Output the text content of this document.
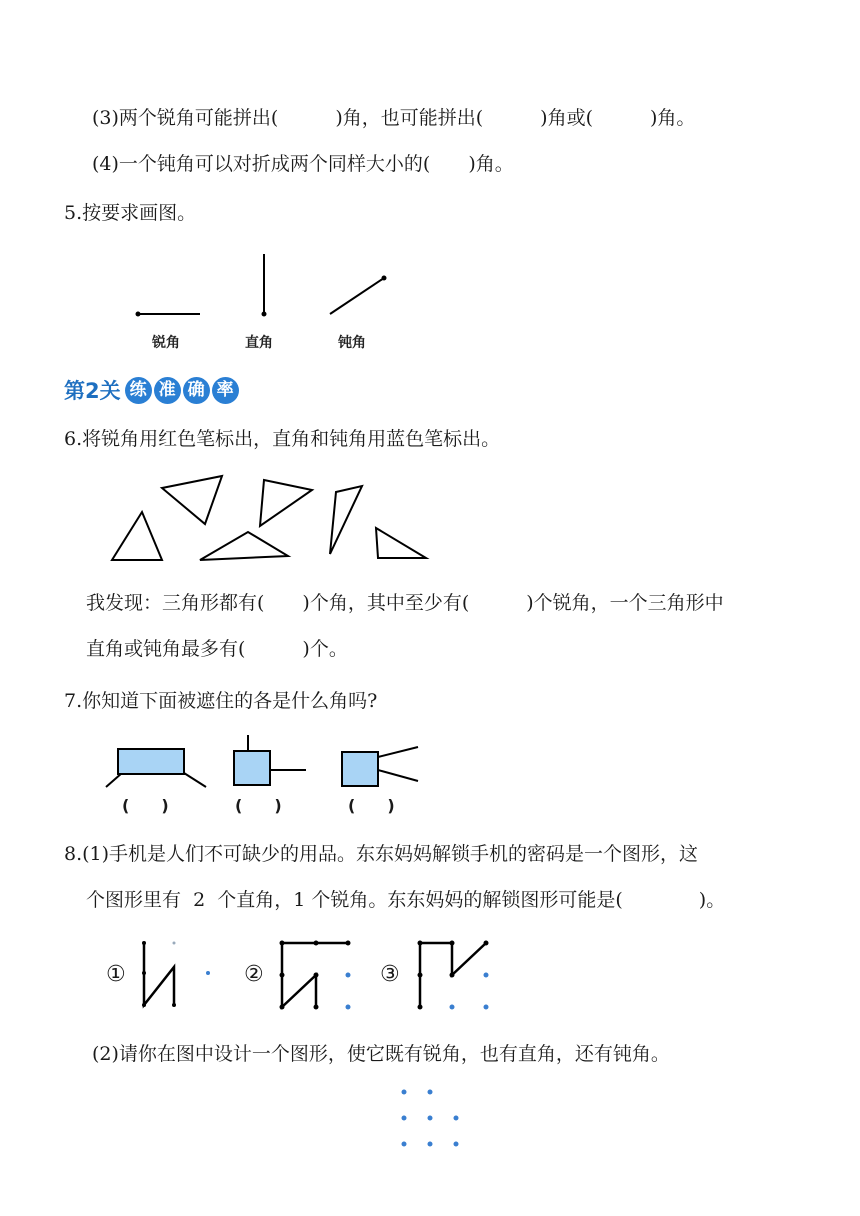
(3)两个锐角可能拼出(　　　)角，也可能拼出(　　　)角或(　　　)角。
(4)一个钝角可以对折成两个同样大小的(　　)角。
5.按要求画图。
锐角	直角	钝角
第2关 练 准 确 率
6.将锐角用红色笔标出，直角和钝角用蓝色笔标出。
我发现：三角形都有(　　)个角，其中至少有(　　　)个锐角，一个三角形中
直角或钝角最多有(　　　)个。
7.你知道下面被遮住的各是什么角吗?
(　　)	(　　)	(　　)
8.(1)手机是人们不可缺少的用品。东东妈妈解锁手机的密码是一个图形，这
个图形里有  2  个直角，1 个锐角。东东妈妈的解锁图形可能是(　　　　)。
①	②	③
(2)请你在图中设计一个图形，使它既有锐角，也有直角，还有钝角。
